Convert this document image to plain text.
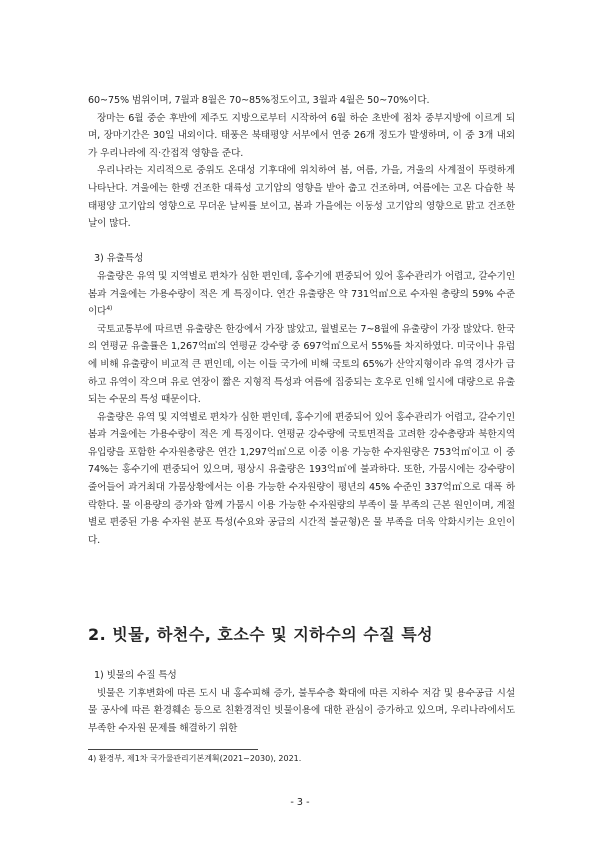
60~75% 범위이며, 7월과 8월은 70~85%정도이고, 3월과 4월은 50~70%이다.

장마는 6월 중순 후반에 제주도 지방으로부터 시작하여 6월 하순 초반에 점차 중부지방에 이르게 되며, 장마기간은 30일 내외이다. 태풍은 북태평양 서부에서 연중 26개 정도가 발생하며, 이 중 3개 내외가 우리나라에 직·간접적 영향을 준다.

우리나라는 지리적으로 중위도 온대성 기후대에 위치하여 봄, 여름, 가을, 겨울의 사계절이 뚜렷하게 나타난다. 겨울에는 한랭 건조한 대륙성 고기압의 영향을 받아 춥고 건조하며, 여름에는 고온 다습한 북태평양 고기압의 영향으로 무더운 날씨를 보이고, 봄과 가을에는 이동성 고기압의 영향으로 맑고 건조한 날이 많다.

3) 유출특성

유출량은 유역 및 지역별로 편차가 심한 편인데, 홍수기에 편중되어 있어 홍수관리가 어렵고, 갈수기인 봄과 겨울에는 가용수량이 적은 게 특징이다. 연간 유출량은 약 731억㎥으로 수자원 총량의 59% 수준이다$^{4)}$

국토교통부에 따르면 유출량은 한강에서 가장 많았고, 월별로는 7~8월에 유출량이 가장 많았다. 한국의 연평균 유출률은 1,267억㎥의 연평균 강수량 중 697억㎥으로서 55%를 차지하였다. 미국이나 유럽에 비해 유출량이 비교적 큰 편인데, 이는 이들 국가에 비해 국토의 65%가 산악지형이라 유역 경사가 급하고 유역이 작으며 유로 연장이 짧은 지형적 특성과 여름에 집중되는 호우로 인해 일시에 대량으로 유출되는 수문의 특성 때문이다.

유출량은 유역 및 지역별로 편차가 심한 편인데, 홍수기에 편중되어 있어 홍수관리가 어렵고, 갈수기인 봄과 겨울에는 가용수량이 적은 게 특징이다. 연평균 강수량에 국토면적을 고려한 강수총량과 북한지역 유입량을 포함한 수자원총량은 연간 1,297억㎥으로 이중 이용 가능한 수자원량은 753억㎥이고 이 중 74%는 홍수기에 편중되어 있으며, 평상시 유출량은 193억㎥에 불과하다. 또한, 가뭄시에는 강수량이 줄어들어 과거최대 가뭄상황에서는 이용 가능한 수자원량이 평년의 45% 수준인 337억㎥으로 대폭 하락한다. 물 이용량의 증가와 함께 가뭄시 이용 가능한 수자원량의 부족이 물 부족의 근본 원인이며, 계절별로 편중된 가용 수자원 분포 특성(수요와 공급의 시간적 불균형)은 물 부족을 더욱 악화시키는 요인이다.

2. 빗물, 하천수, 호소수 및 지하수의 수질 특성

1) 빗물의 수질 특성

빗물은 기후변화에 따른 도시 내 홍수피해 증가, 불투수층 확대에 따른 지하수 저감 및 용수공급 시설물 공사에 따른 환경훼손 등으로 친환경적인 빗물이용에 대한 관심이 증가하고 있으며, 우리나라에서도 부족한 수자원 문제를 해결하기 위한

4) 환경부, 제1차 국가물관리기본계획(2021~2030), 2021.
- 3 -
